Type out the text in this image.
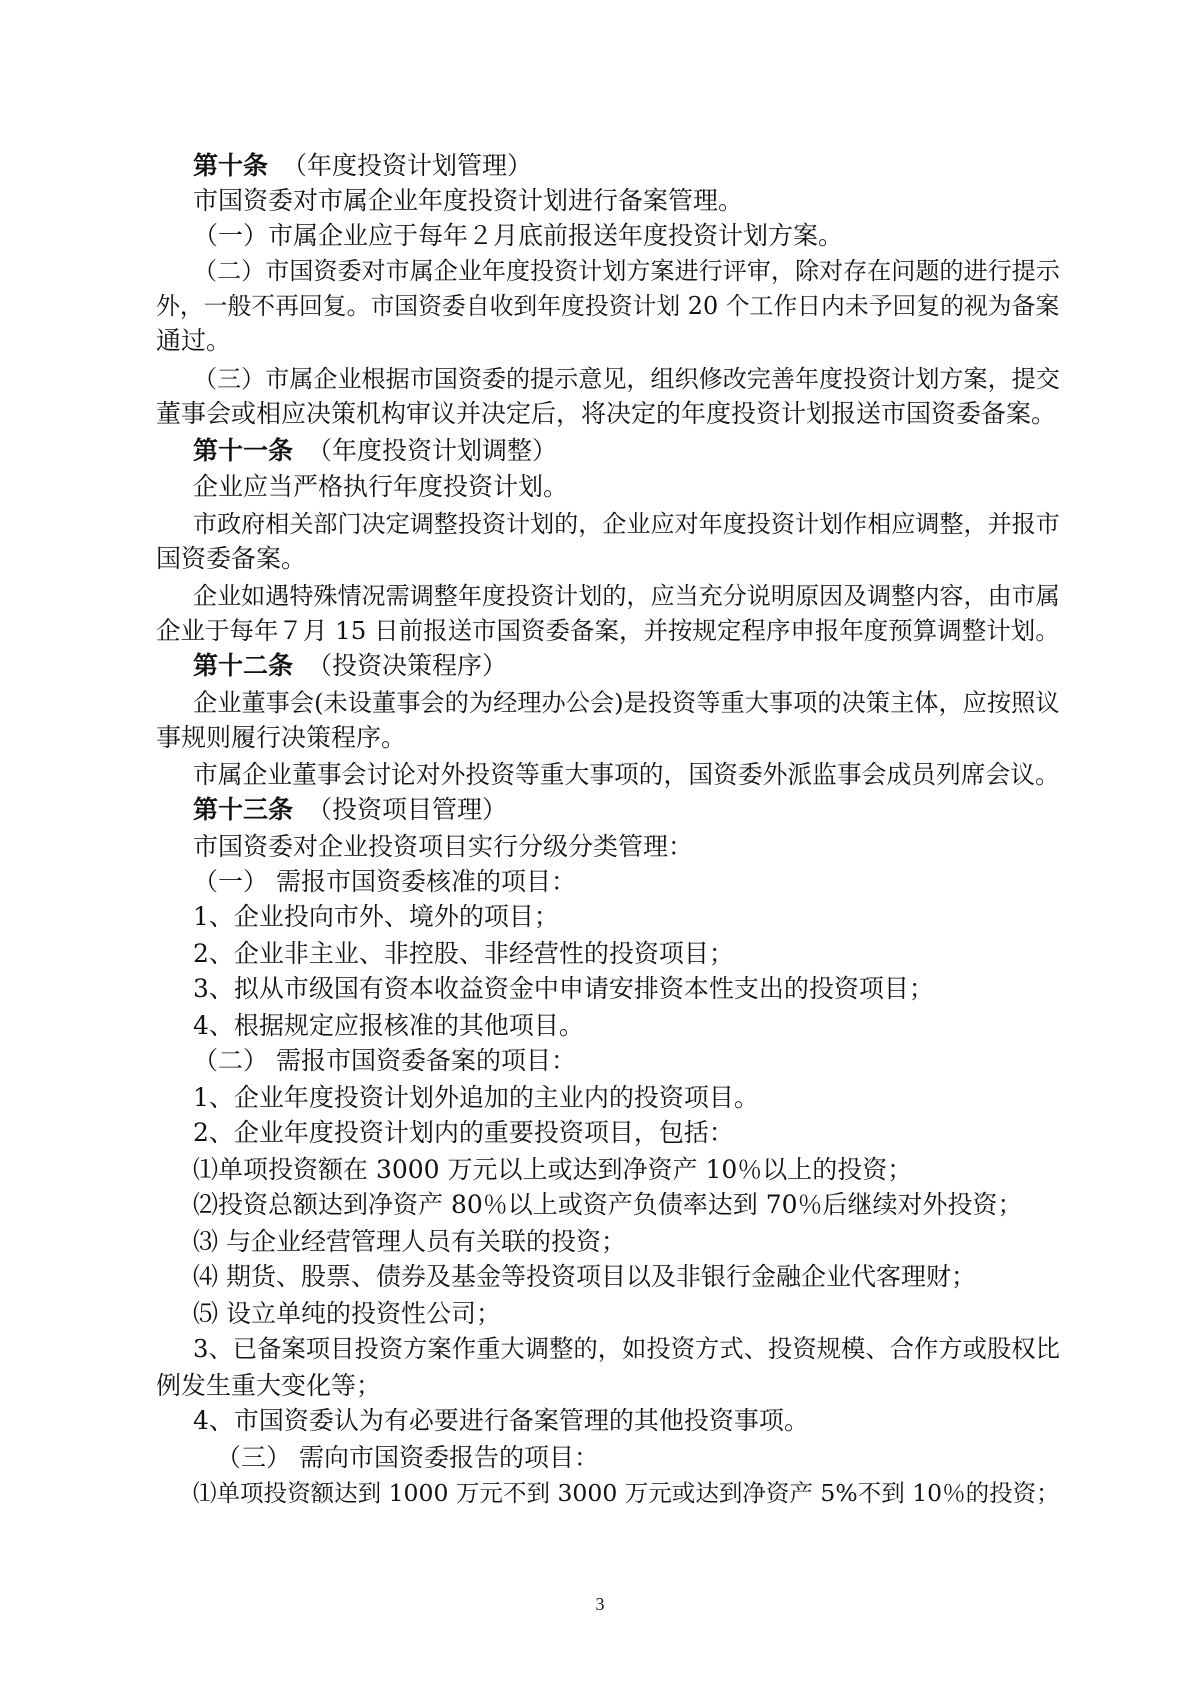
第十条 （年度投资计划管理）
市国资委对市属企业年度投资计划进行备案管理。
（一）市属企业应于每年２月底前报送年度投资计划方案。
（二）市国资委对市属企业年度投资计划方案进行评审，除对存在问题的进行提示
外，一般不再回复。市国资委自收到年度投资计划 20 个工作日内未予回复的视为备案
通过。
（三）市属企业根据市国资委的提示意见，组织修改完善年度投资计划方案，提交
董事会或相应决策机构审议并决定后，将决定的年度投资计划报送市国资委备案。
第十一条 （年度投资计划调整）
企业应当严格执行年度投资计划。
市政府相关部门决定调整投资计划的，企业应对年度投资计划作相应调整，并报市
国资委备案。
企业如遇特殊情况需调整年度投资计划的，应当充分说明原因及调整内容，由市属
企业于每年７月 15 日前报送市国资委备案，并按规定程序申报年度预算调整计划。
第十二条 （投资决策程序）
企业董事会(未设董事会的为经理办公会)是投资等重大事项的决策主体，应按照议
事规则履行决策程序。
市属企业董事会讨论对外投资等重大事项的，国资委外派监事会成员列席会议。
第十三条 （投资项目管理）
市国资委对企业投资项目实行分级分类管理：
（一） 需报市国资委核准的项目：
1、企业投向市外、境外的项目；
2、企业非主业、非控股、非经营性的投资项目；
3、拟从市级国有资本收益资金中申请安排资本性支出的投资项目；
4、根据规定应报核准的其他项目。
（二） 需报市国资委备案的项目：
1、企业年度投资计划外追加的主业内的投资项目。
2、企业年度投资计划内的重要投资项目，包括：
⑴单项投资额在 3000 万元以上或达到净资产 10％以上的投资；
⑵投资总额达到净资产 80％以上或资产负债率达到 70％后继续对外投资；
⑶ 与企业经营管理人员有关联的投资；
⑷ 期货、股票、债券及基金等投资项目以及非银行金融企业代客理财；
⑸ 设立单纯的投资性公司；
3、已备案项目投资方案作重大调整的，如投资方式、投资规模、合作方或股权比
例发生重大变化等；
4、市国资委认为有必要进行备案管理的其他投资事项。
（三） 需向市国资委报告的项目：
⑴单项投资额达到 1000 万元不到 3000 万元或达到净资产 5%不到 10％的投资；
3
